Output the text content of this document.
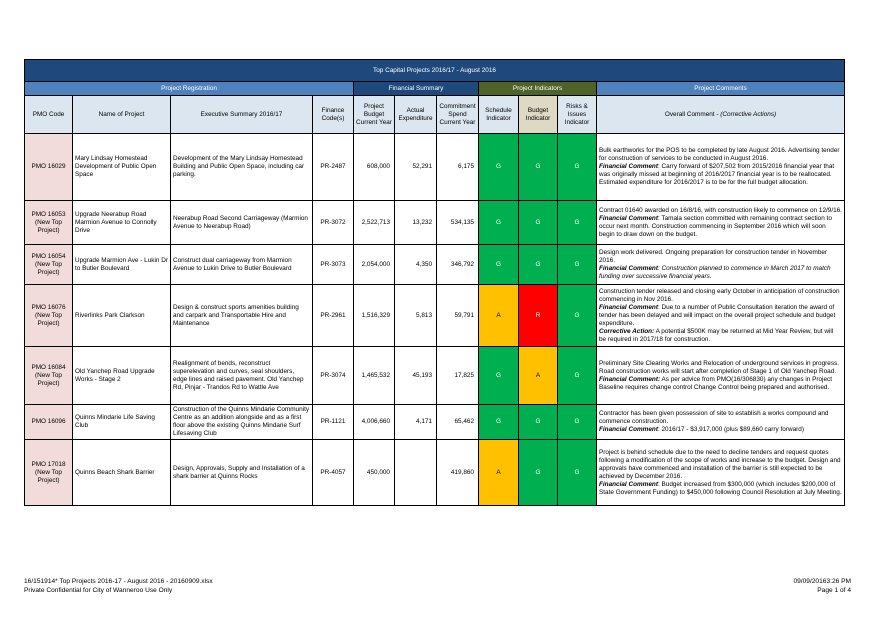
Top Capital Projects 2016/17 - August 2016										
Project Registration				Financial Summary			Project Indicators			Project Comments
PMO Code	Name of Project	Executive Summary 2016/17	Finance Code(s)	Project Budget Current Year	Actual Expenditure	Commitment Spend Current Year	Schedule Indicator	Budget Indicator	Risks & Issues Indicator	Overall Comment - (Corrective Actions)
PMO 16029	Mary Lindsay Homestead Development of Public Open Space	Development of the Mary Lindsay Homestead Building and Public Open Space, including car parking.	PR-2487	608,000	52,291	6,175	G	G	G	Bulk earthworks for the POS to be completed by late August 2016. Advertising tender for construction of services to be conducted in August 2016.
Financial Comment: Carry forward of $207,502 from 2015/2016 financial year that was originally missed at beginning of 2016/2017 financial year is to be reallocated. Estimated expenditure for 2016/2017 is to be for the full budget allocation.
PMO 16053 (New Top Project)	Upgrade Neerabup Road Marmion Avenue to Connolly Drive	Neerabup Road Second Carriageway (Marmion Avenue to Neerabup Road)	PR-3072	2,522,713	13,232	534,135	G	G	G	Contract 01640 awarded on 16/8/16, with construction likely to commence on 12/9/16.
Financial Comment: Tamala section committed with remaining contract section to occur next month. Construction commencing in September 2016 which will soon begin to draw down on the budget.
PMO 16054 (New Top Project)	Upgrade Marmion Ave - Lukin Dr to Butler Boulevard	Construct dual carriageway from Marmion Avenue to Lukin Drive to Butler Boulevard	PR-3073	2,054,000	4,350	346,792	G	G	G	Design work delivered. Ongoing preparation for construction tender in November 2016.
Financial Comment: Construction planned to commence in March 2017 to match funding over successive financial years.
PMO 16076 (New Top Project)	Riverlinks Park Clarkson	Design & construct sports amenities building and carpark and Transportable Hire and Maintenance	PR-2961	1,516,329	5,813	59,791	A	R	G	Construction tender released and closing early October in anticipation of construction commencing in Nov 2016.
Financial Comment: Due to a number of Public Consultation iteration the award of tender has been delayed and will impact on the overall project schedule and budget expenditure.
Corrective Action: A potential $500K may be returned at Mid Year Review, but will be required in 2017/18 for construction.
PMO 16084 (New Top Project)	Old Yanchep Road Upgrade Works - Stage 2	Realignment of bends, reconstruct superelevation and curves, seal shoulders, edge lines and raised pavement. Old Yanchep Rd, Pinjar - Trandos Rd to Wattle Ave	PR-3074	1,465,532	45,193	17,825	G	A	G	Preliminary Site Clearing Works and Relocation of underground services in progress. Road construction works will start after completion of Stage 1 of Old Yanchep Road.
Financial Comment: As per advice from PMO(16/306830) any changes in Project Baseline requires change control Change Control being prepared and authorised.
PMO 16096	Quinns Mindarie Life Saving Club	Construction of the Quinns Mindarie Community Centre as an addition alongside and as a first floor above the existing Quinns Mindarie Surf Lifesaving Club	PR-1121	4,006,660	4,171	65,462	G	G	G	Contractor has been given possession of site to establish a works compound and commence construction.
Financial Comment: 2016/17 - $3,917,000 (plus $89,660 carry forward)
PMO 17018 (New Top Project)	Quinns Beach Shark Barrier	Design, Approvals, Supply and Installation of a shark barrier at Quinns Rocks	PR-4057	450,000		419,860	A	G	G	Project is behind schedule due to the need to decline tenders and request quotes following a modification of the scope of works and increase to the budget. Design and approvals have commenced and installation of the barrier is still expected to be achieved by December 2016.
Financial Comment: Budget increased from $300,000 (which includes $200,000 of State Government Funding) to $450,000 following Council Resolution at July Meeting.
16/151914* Top Projects 2016-17 - August 2016 - 20160909.xlsx
Private Confidential for City of Wanneroo Use Only
09/09/20163:26 PM
Page 1 of 4
